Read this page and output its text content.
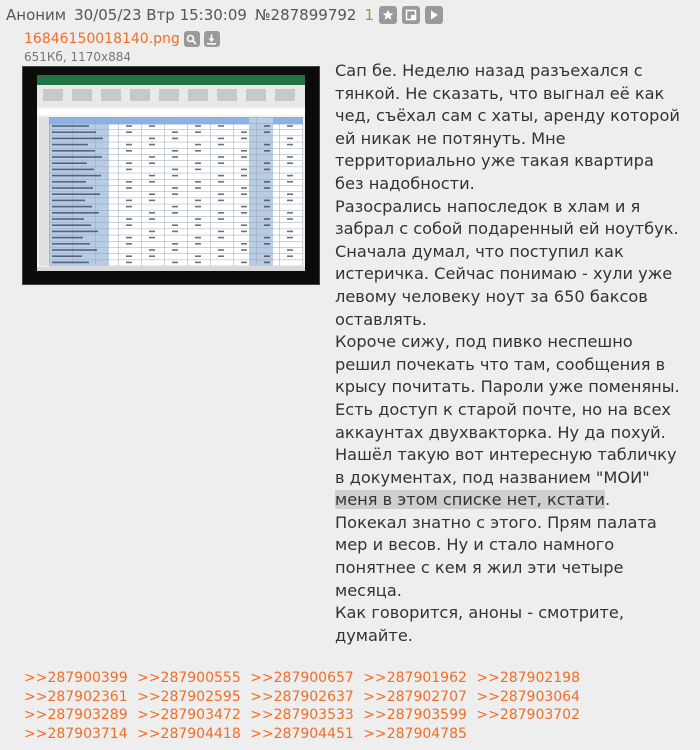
Аноним 30/05/23 Втр 15:30:09 №287899792 1
16846150018140.png
651Кб, 1170x884

Сап бе. Неделю назад разъехался с тянкой. Не сказать, что выгнал её как чед, съёхал сам с хаты, аренду которой ей никак не потянуть. Мне территориально уже такая квартира без надобности.

Разосрались напоследок в хлам и я забрал с собой подаренный ей ноутбук. Сначала думал, что поступил как истеричка. Сейчас понимаю - хули уже левому человеку ноут за 650 баксов оставлять.

Короче сижу, под пивко неспешно решил почекать что там, сообщения в крысу почитать. Пароли уже поменяны. Есть доступ к старой почте, но на всех аккаунтах двухвакторка. Ну да похуй. Нашёл такую вот интересную табличку в документах, под названием "МОИ" меня в этом списке нет, кстати.

Покекал знатно с этого. Прям палата мер и весов. Ну и стало намного понятнее с кем я жил эти четыре месяца.

Как говорится, аноны - смотрите, думайте.

>>287900399 >>287900555 >>287900657 >>287901962 >>287902198 >>287902361 >>287902595 >>287902637 >>287902707 >>287903064 >>287903289 >>287903472 >>287903533 >>287903599 >>287903702 >>287903714 >>287904418 >>287904451 >>287904785
